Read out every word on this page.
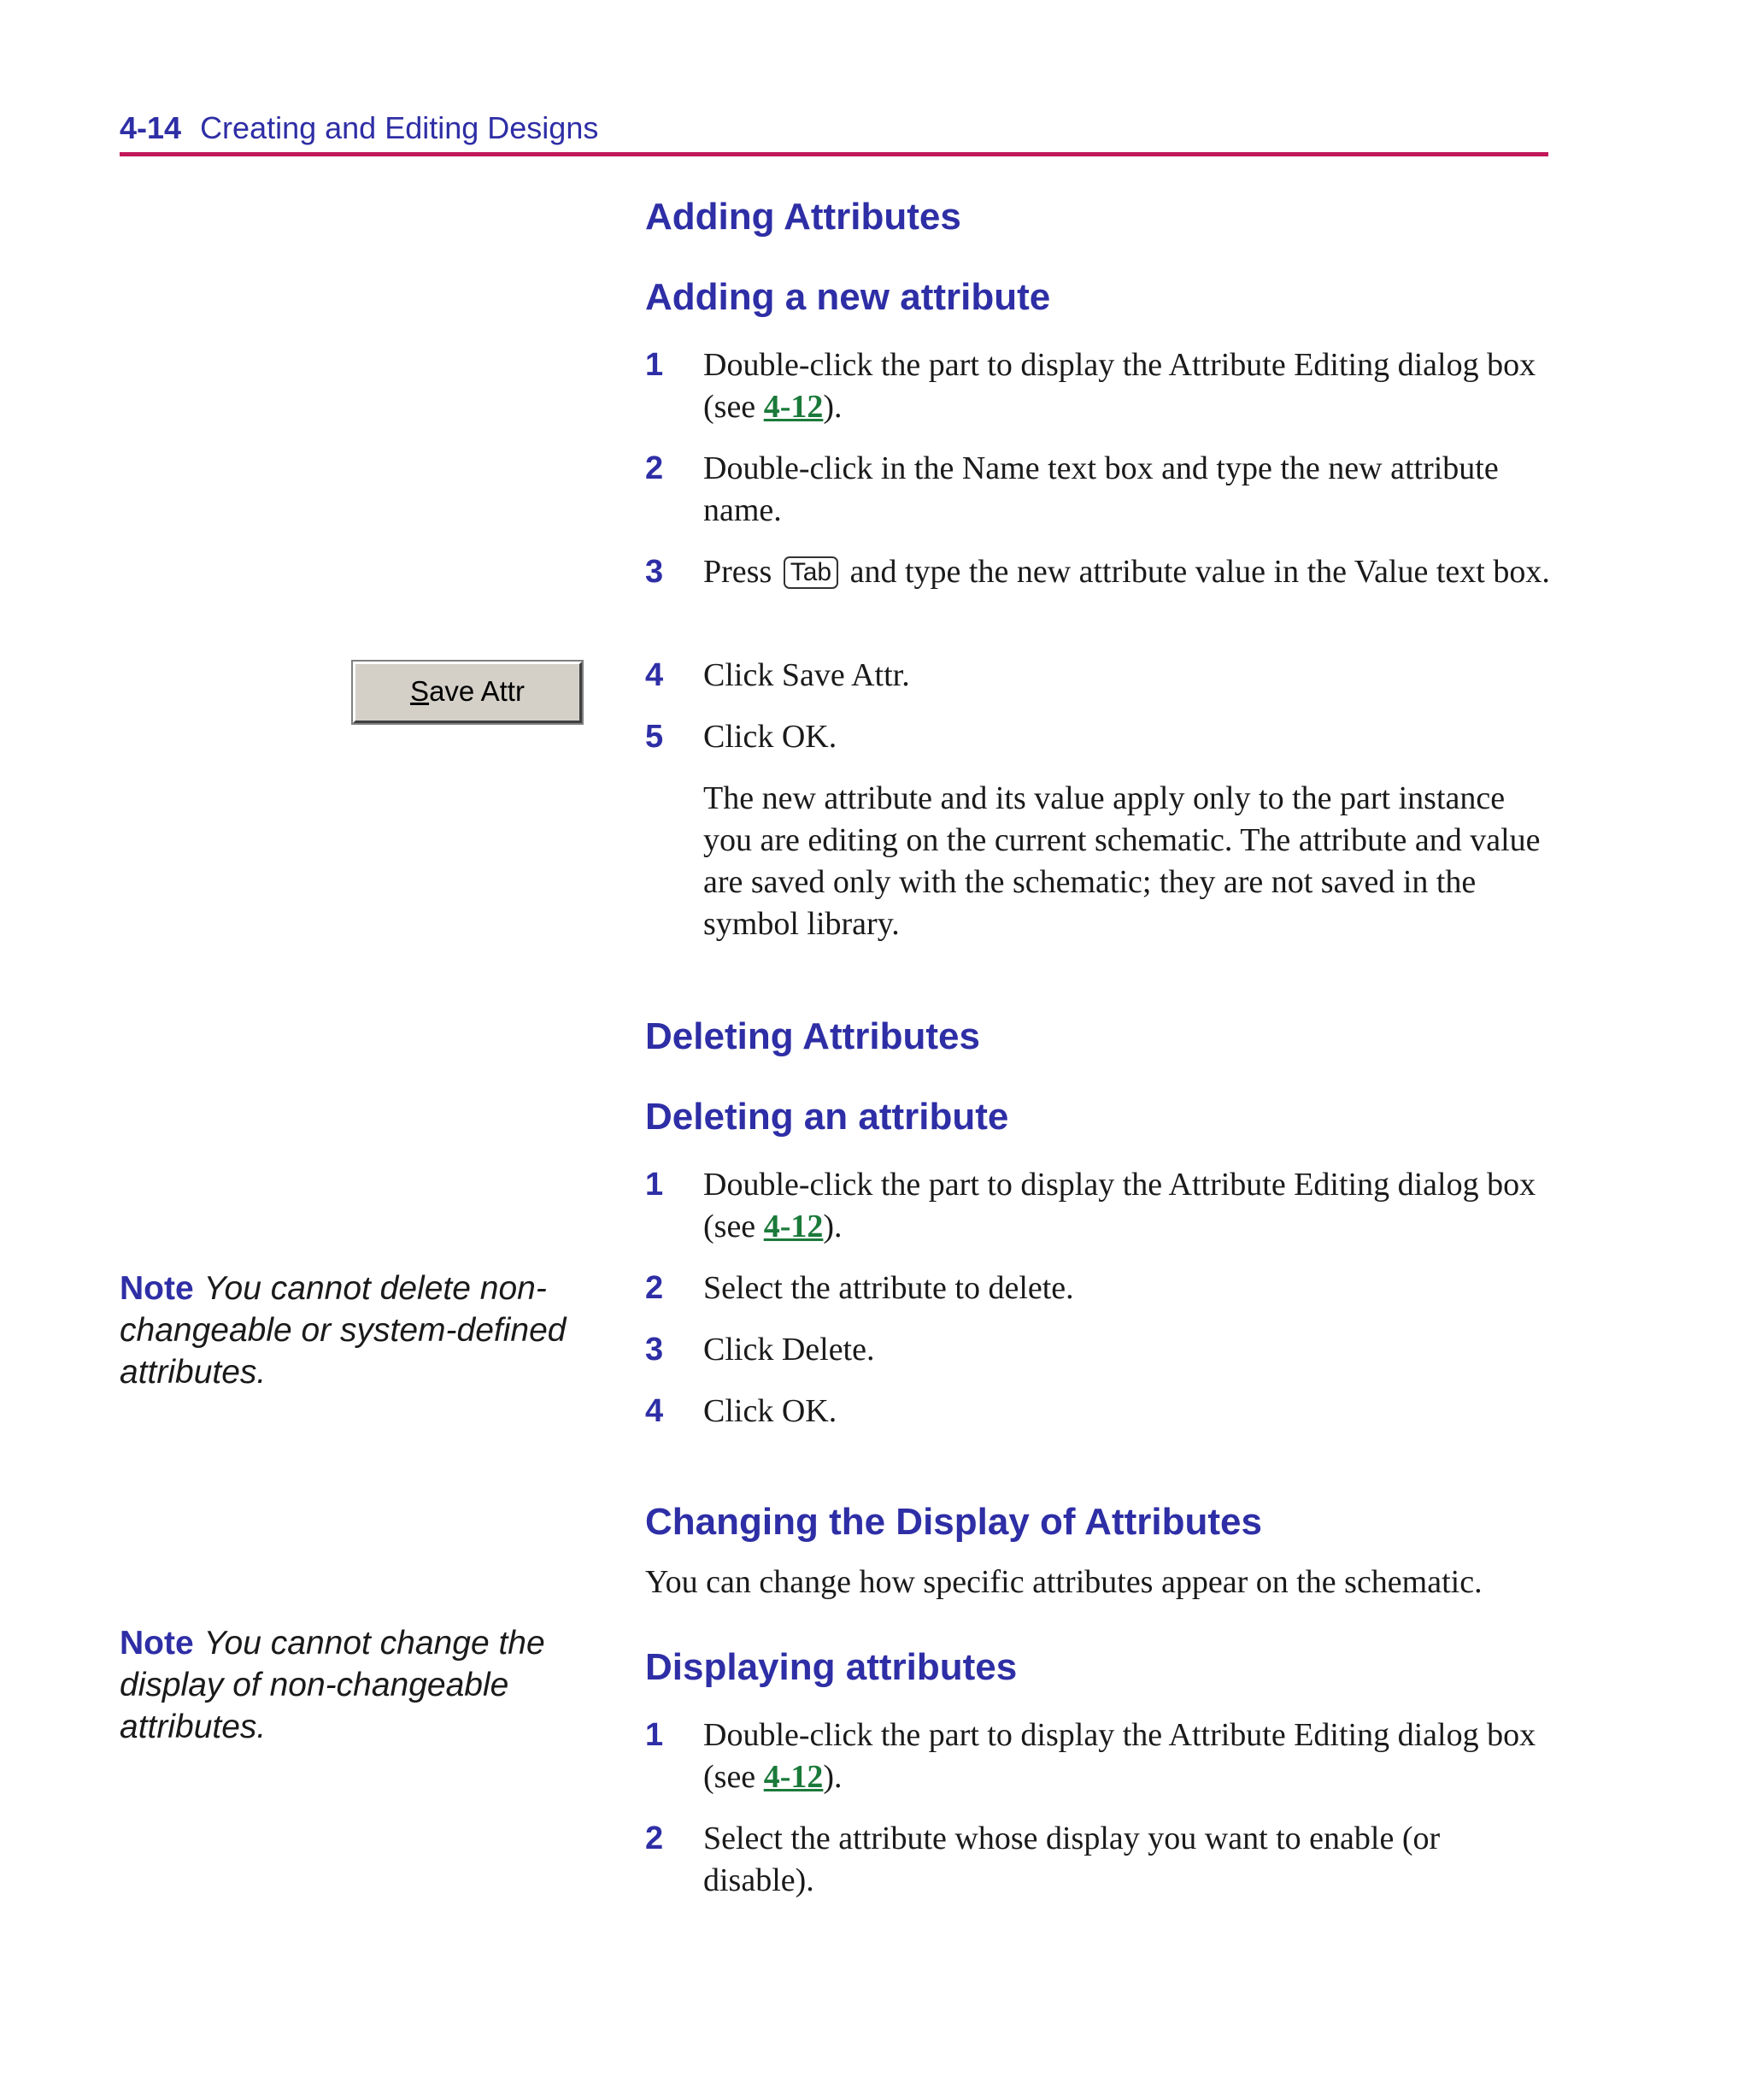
4-14 Creating and Editing Designs
Save Attr
Note You cannot delete non-changeable or system-defined attributes.
Note You cannot change the display of non-changeable attributes.
Adding Attributes
Adding a new attribute
1 Double-click the part to display the Attribute Editing dialog box (see 4-12).
2 Double-click in the Name text box and type the new attribute name.
3 Press Tab and type the new attribute value in the Value text box.
4 Click Save Attr.
5 Click OK.
The new attribute and its value apply only to the part instance you are editing on the current schematic. The attribute and value are saved only with the schematic; they are not saved in the symbol library.
Deleting Attributes
Deleting an attribute
1 Double-click the part to display the Attribute Editing dialog box (see 4-12).
2 Select the attribute to delete.
3 Click Delete.
4 Click OK.
Changing the Display of Attributes
You can change how specific attributes appear on the schematic.
Displaying attributes
1 Double-click the part to display the Attribute Editing dialog box (see 4-12).
2 Select the attribute whose display you want to enable (or disable).
